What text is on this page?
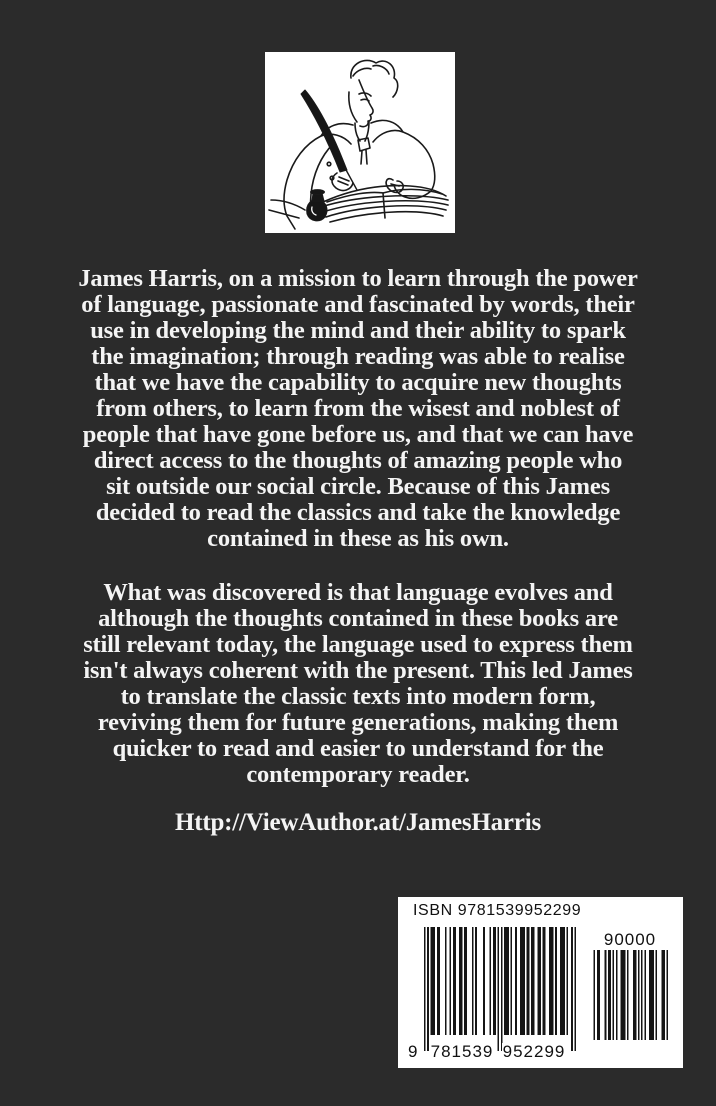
James Harris, on a mission to learn through the power
of language, passionate and fascinated by words, their
use in developing the mind and their ability to spark
the imagination; through reading was able to realise
that we have the capability to acquire new thoughts
from others, to learn from the wisest and noblest of
people that have gone before us, and that we can have
direct access to the thoughts of amazing people who
sit outside our social circle. Because of this James
decided to read the classics and take the knowledge
contained in these as his own.
What was discovered is that language evolves and
although the thoughts contained in these books are
still relevant today, the language used to express them
isn't always coherent with the present. This led James
to translate the classic texts into modern form,
reviving them for future generations, making them
quicker to read and easier to understand for the
contemporary reader.
Http://ViewAuthor.at/JamesHarris
ISBN 9781539952299
9 781539 952299
90000
